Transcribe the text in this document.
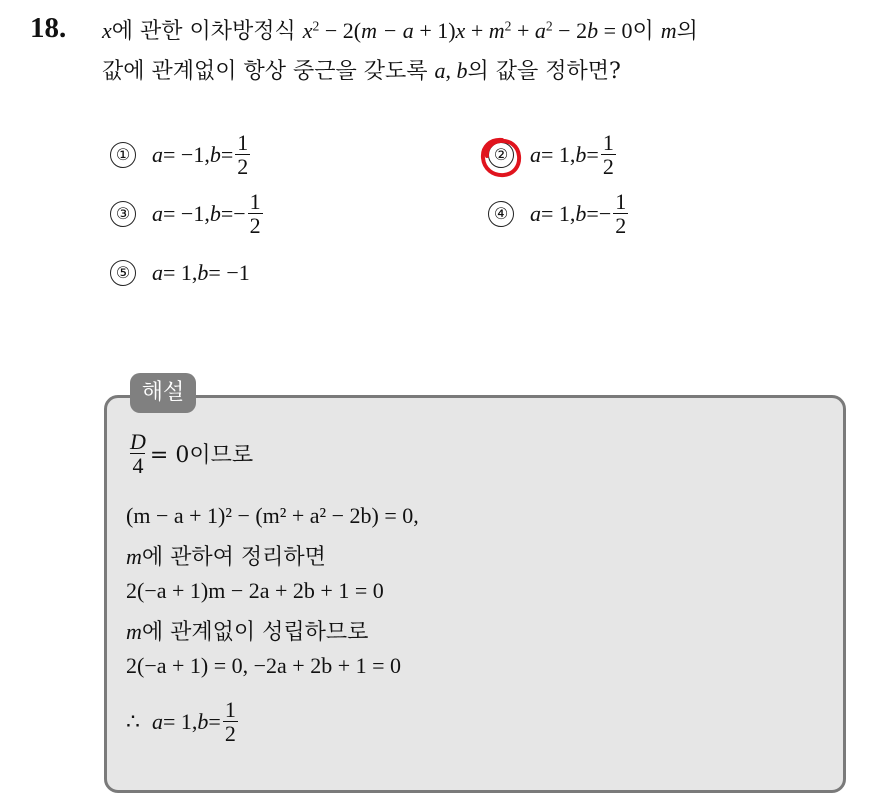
18. x에 관한 이차방정식 $x^2 - 2(m - a + 1)x + m^2 + a^2 - 2b = 0$이 m의
값에 관계없이 항상 중근을 갖도록 a, b의 값을 정하면?
① a = −1, $b = \frac{1}{2}$	② a = 1, $b = \frac{1}{2}$
③ a = −1, b = − $\frac{1}{2}$	④ a = 1, b = − $\frac{1}{2}$
⑤ a = 1, b = −1
해설
$\frac{D}{4} = 0$이므로
(m − a + 1)² − (m² + a² − 2b) = 0,
m에 관하여 정리하면
2(−a + 1)m − 2a + 2b + 1 = 0
m에 관계없이 성립하므로
2(−a + 1) = 0, −2a + 2b + 1 = 0
∴ a = 1, $b = \frac{1}{2}$
